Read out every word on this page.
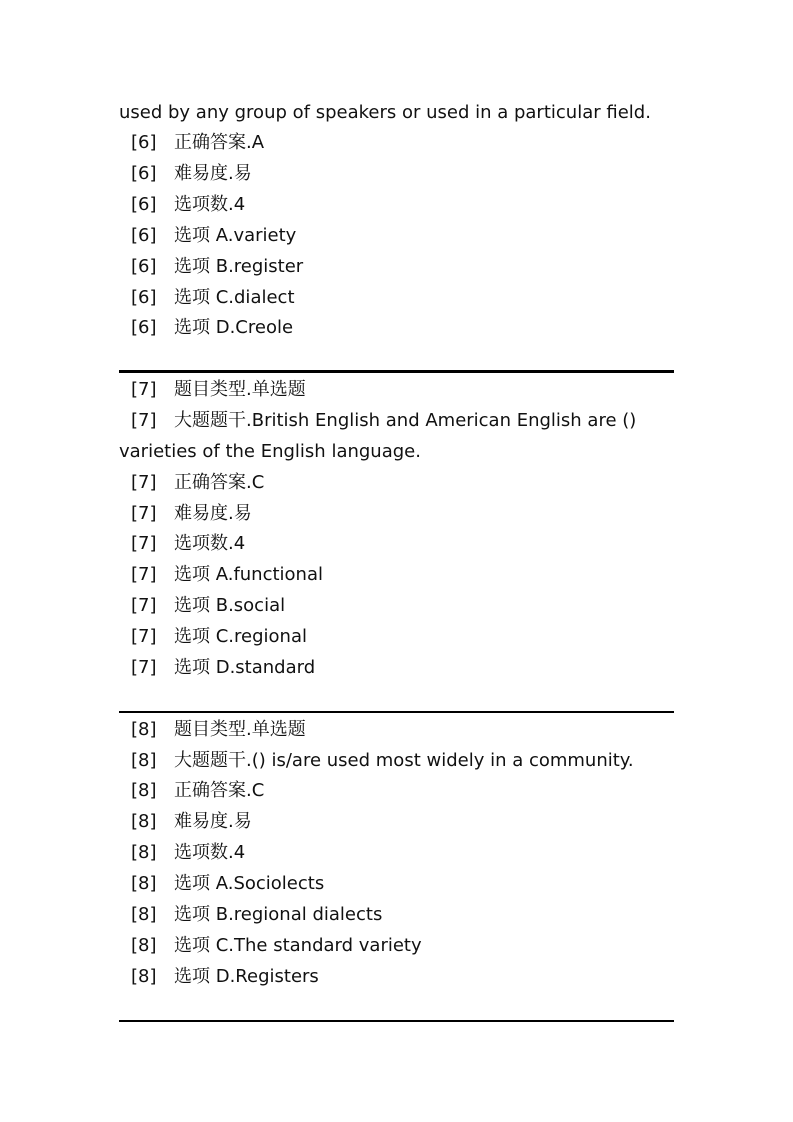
used by any group of speakers or used in a particular field.
[6] 正确答案.A
[6] 难易度.易
[6] 选项数.4
[6] 选项 A.variety
[6] 选项 B.register
[6] 选项 C.dialect
[6] 选项 D.Creole
[7] 题目类型.单选题
[7] 大题题干.British English and American English are ()
varieties of the English language.
[7] 正确答案.C
[7] 难易度.易
[7] 选项数.4
[7] 选项 A.functional
[7] 选项 B.social
[7] 选项 C.regional
[7] 选项 D.standard
[8] 题目类型.单选题
[8] 大题题干.() is/are used most widely in a community.
[8] 正确答案.C
[8] 难易度.易
[8] 选项数.4
[8] 选项 A.Sociolects
[8] 选项 B.regional dialects
[8] 选项 C.The standard variety
[8] 选项 D.Registers
